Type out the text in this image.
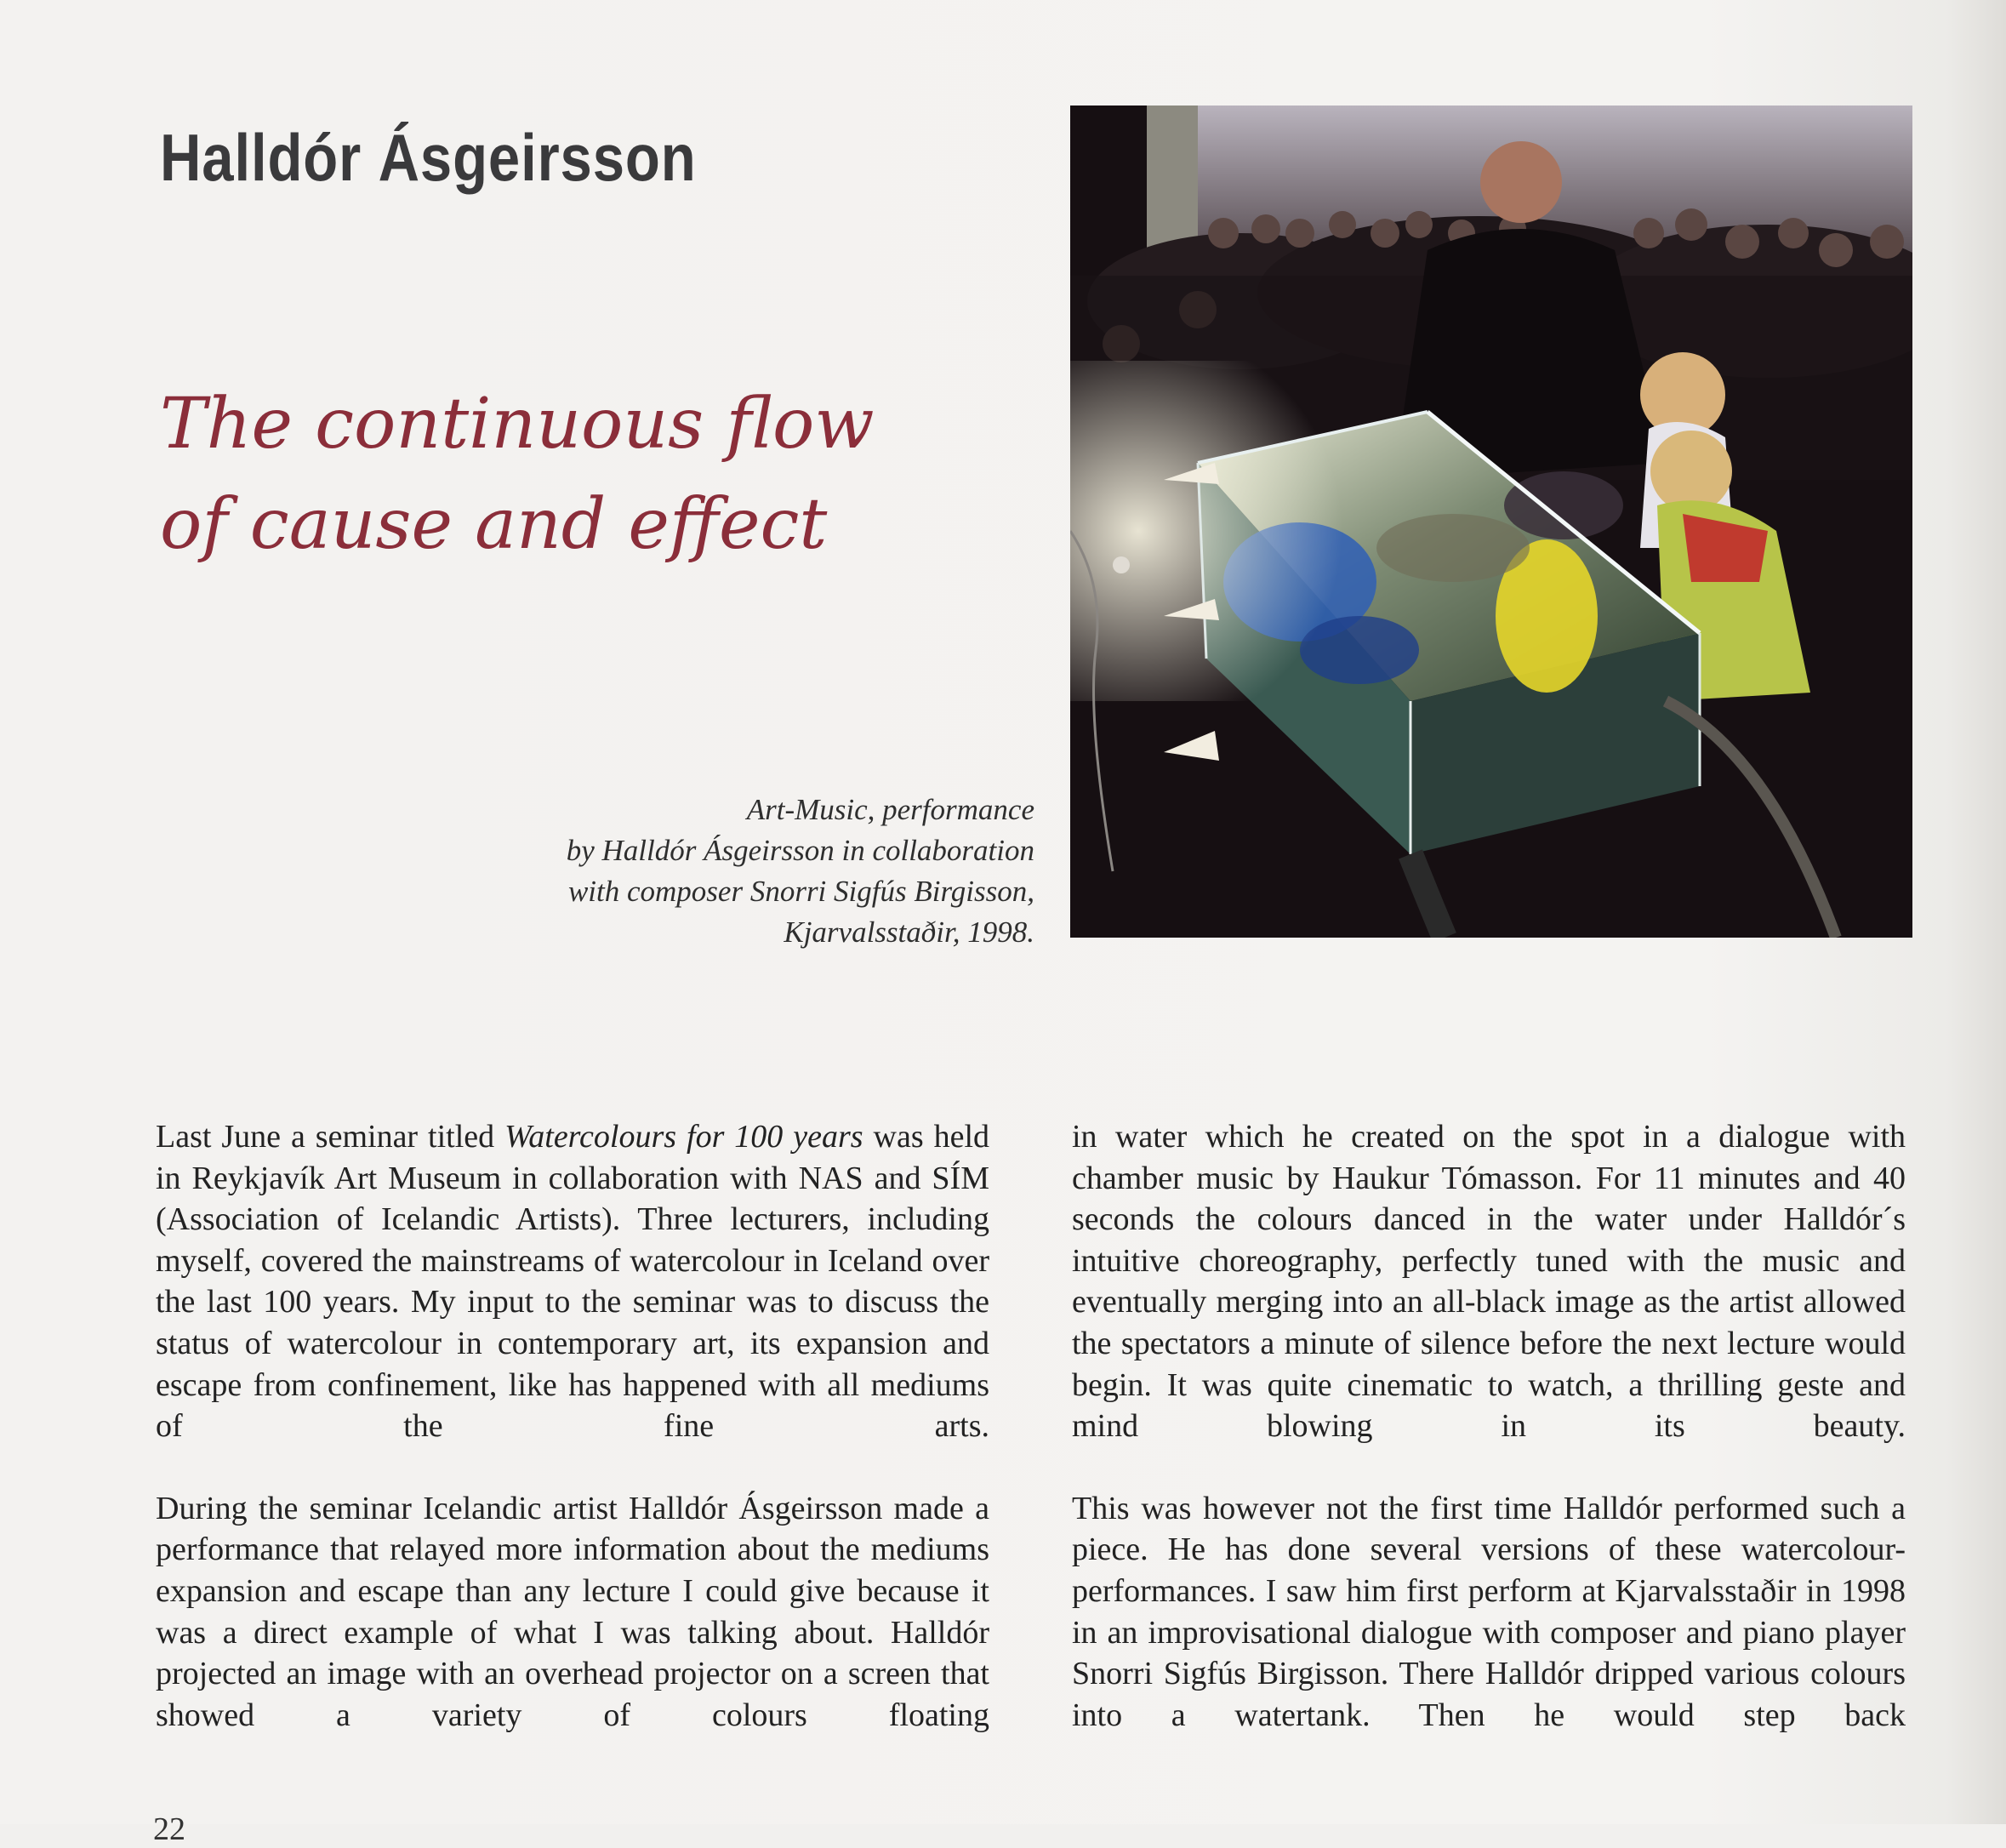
Halldór Ásgeirsson
The continuous flow
of cause and effect
Art-Music, performance
by Halldór Ásgeirsson in collaboration
with composer Snorri Sigfús Birgisson,
Kjarvalsstaðir, 1998.

Last June a seminar titled Watercolours for 100 years was held in Reykjavík Art Museum in collaboration with NAS and SÍM (Association of Icelandic Artists). Three lecturers, including myself, covered the mainstreams of watercolour in Iceland over the last 100 years. My input to the seminar was to discuss the status of watercolour in contemporary art, its expansion and escape from confinement, like has happened with all mediums of the fine arts.

During the seminar Icelandic artist Halldór Ásgeirsson made a performance that relayed more information about the mediums expansion and escape than any lecture I could give because it was a direct example of what I was talking about. Halldór projected an image with an overhead projector on a screen that showed a variety of colours floating

in water which he created on the spot in a dialogue with chamber music by Haukur Tómasson. For 11 minutes and 40 seconds the colours danced in the water under Halldór´s intuitive choreography, perfectly tuned with the music and eventually merging into an all-black image as the artist allowed the spectators a minute of silence before the next lecture would begin. It was quite cinematic to watch, a thrilling geste and mind blowing in its beauty.

This was however not the first time Halldór performed such a piece. He has done several versions of these watercolour-performances. I saw him first perform at Kjarvalsstaðir in 1998 in an improvisational dialogue with composer and piano player Snorri Sigfús Birgisson. There Halldór dripped various colours into a watertank. Then he would step back

22
